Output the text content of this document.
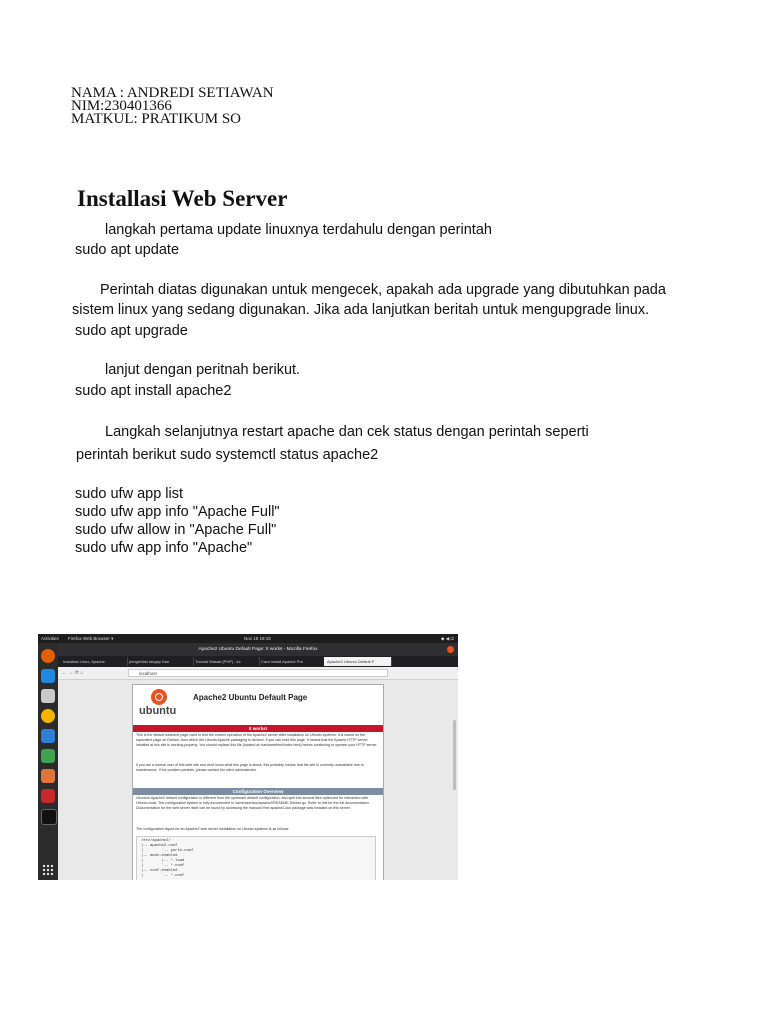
NAMA : ANDREDI SETIAWAN
NIM:230401366
MATKUL: PRATIKUM SO
Installasi Web Server
langkah pertama update linuxnya terdahulu dengan perintah
sudo apt update
Perintah diatas digunakan untuk mengecek, apakah ada upgrade yang dibutuhkan pada
sistem linux yang sedang digunakan. Jika ada lanjutkan beritah untuk mengupgrade linux.
sudo apt upgrade
lanjut dengan peritnah berikut.
sudo apt install apache2
Langkah selanjutnya restart apache dan cek status dengan perintah seperti
perintah berikut sudo systemctl status apache2
sudo ufw app list
sudo ufw app info "Apache Full"
sudo ufw allow in "Apache Full"
sudo ufw app info "Apache"
Activities Firefox Web Browser ▾	Nov 19 19:15	◆ ◀ ⏻
Apache2 Ubuntu Default Page: It works - Mozilla Firefox
Installasi Linux, Apache	pengertian langsp Dan	Tutorial Masak (PHP) - kc	Cara Install Apache Pre	Apache2 Ubuntu Default P
← → ⟳ ⌂	localhost
ubuntu
Apache2 Ubuntu Default Page
It works!
This is the default welcome page used to test the correct operation of the Apache2 server after installation on Ubuntu systems. It is based on the equivalent page on Debian, from which the Ubuntu Apache packaging is derived. If you can read this page, it means that the Apache HTTP server installed at this site is working properly. You should replace this file (located at /var/www/html/index.html) before continuing to operate your HTTP server.
If you are a normal user of this web site and don't know what this page is about, this probably means that the site is currently unavailable due to maintenance. If the problem persists, please contact the site's administrator.
Configuration Overview
Ubuntu's Apache2 default configuration is different from the upstream default configuration, and split into several files optimized for interaction with Ubuntu tools. The configuration system is fully documented in /usr/share/doc/apache2/README.Debian.gz. Refer to this for the full documentation. Documentation for the web server itself can be found by accessing the manual if the apache2-doc package was installed on this server.
The configuration layout for an Apache2 web server installation on Ubuntu systems is as follows:
/etc/apache2/
|-- apache2.conf
|        `-- ports.conf
|-- mods-enabled
|        |-- *.load
|        `-- *.conf
|-- conf-enabled
|        `-- *.conf
